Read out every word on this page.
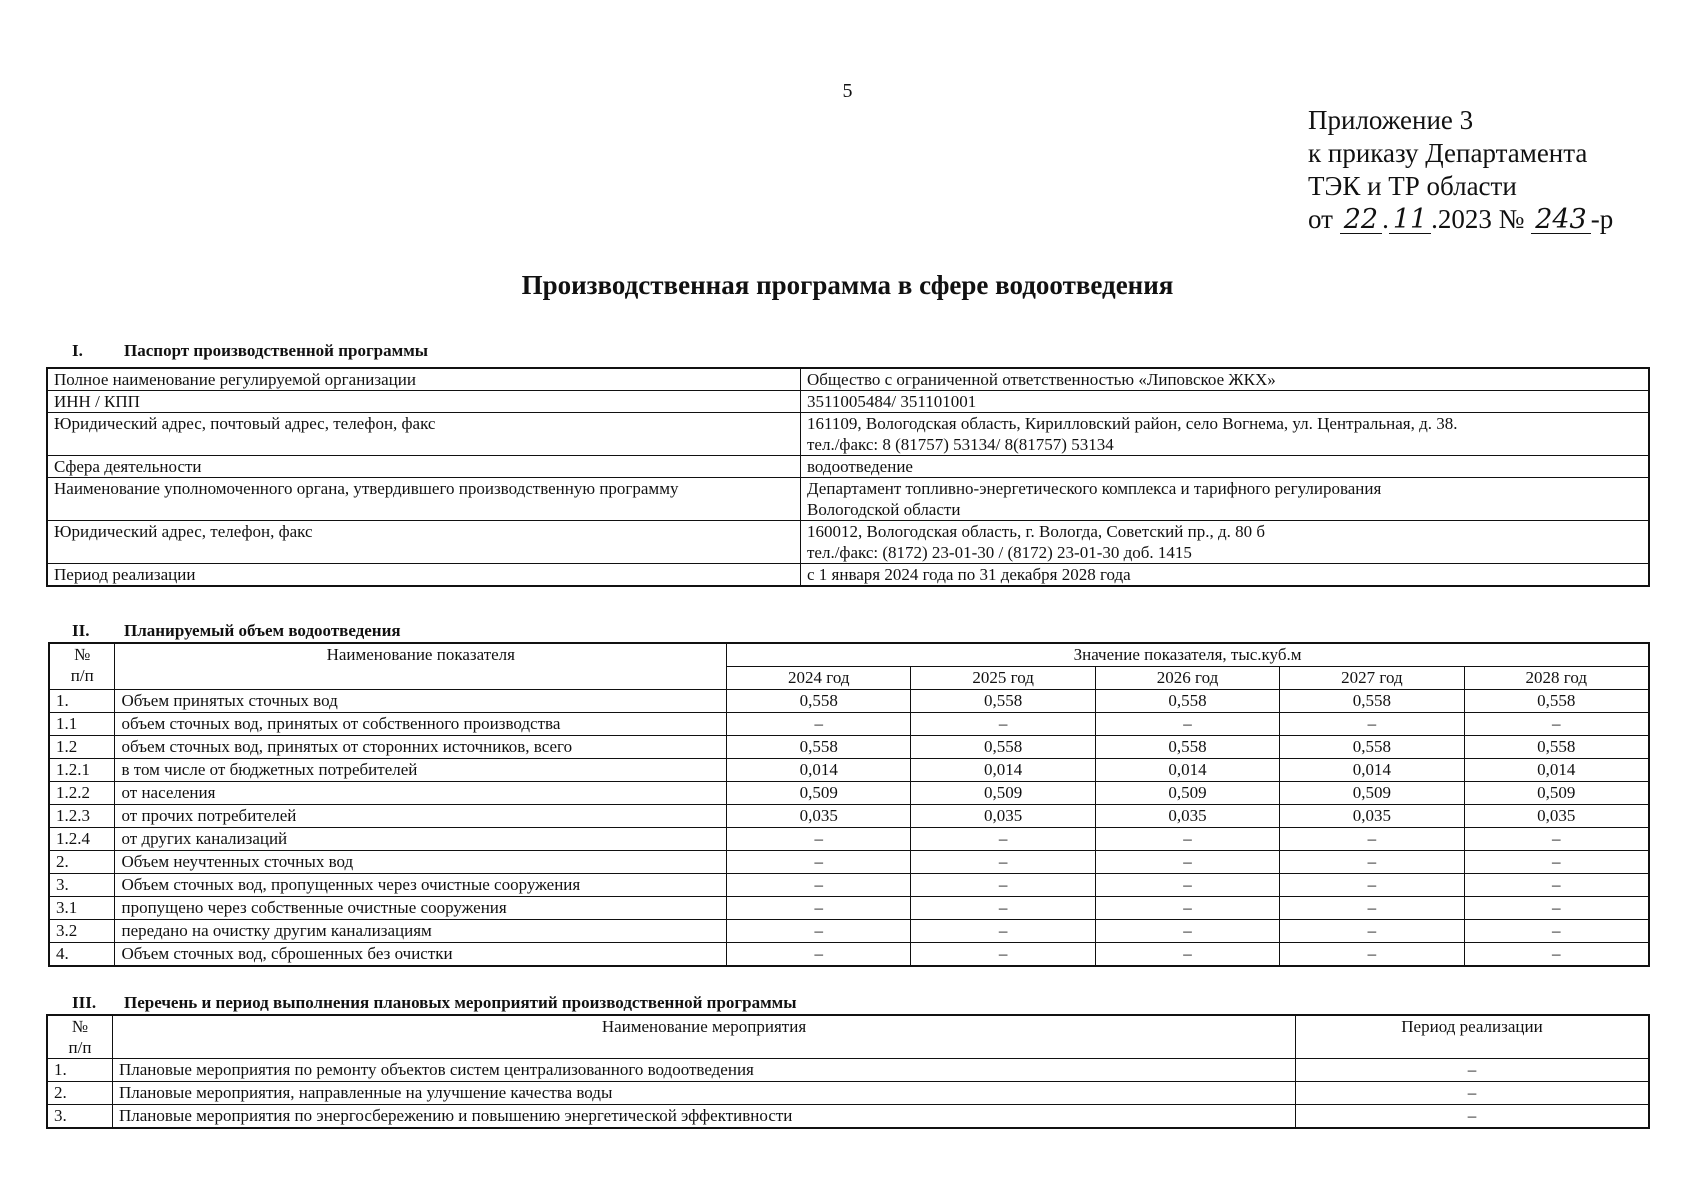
5
Приложение 3
к приказу Департамента
ТЭК и ТР области
от 22 . 11 .2023 № 243 -р
Производственная программа в сфере водоотведения
I. Паспорт производственной программы
Полное наименование регулируемой организации	Общество с ограниченной ответственностью «Липовское ЖКХ»

ИНН / КПП	3511005484/ 351101001

Юридический адрес, почтовый адрес, телефон, факс	161109, Вологодская область, Кирилловский район, село Вогнема, ул. Центральная, д. 38.
тел./факс: 8 (81757) 53134/ 8(81757) 53134

Сфера деятельности	водоотведение

Наименование уполномоченного органа, утвердившего производственную программу	Департамент топливно-энергетического комплекса и тарифного регулирования
Вологодской области

Юридический адрес, телефон, факс	160012, Вологодская область, г. Вологда, Советский пр., д. 80 б
тел./факс: (8172) 23-01-30 / (8172) 23-01-30 доб. 1415

Период реализации	с 1 января 2024 года по 31 декабря 2028 года
II. Планируемый объем водоотведения
№
п/п	Наименование показателя	Значение показателя, тыс.куб.м				
		2024 год	2025 год	2026 год	2027 год	2028 год
1.	Объем принятых сточных вод	0,558	0,558	0,558	0,558	0,558
1.1	объем сточных вод, принятых от собственного производства	–	–	–	–	–
1.2	объем сточных вод, принятых от сторонних источников, всего	0,558	0,558	0,558	0,558	0,558
1.2.1	в том числе от бюджетных потребителей	0,014	0,014	0,014	0,014	0,014
1.2.2	от населения	0,509	0,509	0,509	0,509	0,509
1.2.3	от прочих потребителей	0,035	0,035	0,035	0,035	0,035
1.2.4	от других канализаций	–	–	–	–	–
2.	Объем неучтенных сточных вод	–	–	–	–	–
3.	Объем сточных вод, пропущенных через очистные сооружения	–	–	–	–	–
3.1	пропущено через собственные очистные сооружения	–	–	–	–	–
3.2	передано на очистку другим канализациям	–	–	–	–	–
4.	Объем сточных вод, сброшенных без очистки	–	–	–	–	–
III. Перечень и период выполнения плановых мероприятий производственной программы
№
п/п	Наименование мероприятия	Период реализации
1.	Плановые мероприятия по ремонту объектов систем централизованного водоотведения	–
2.	Плановые мероприятия, направленные на улучшение качества воды	–
3.	Плановые мероприятия по энергосбережению и повышению энергетической эффективности	–
